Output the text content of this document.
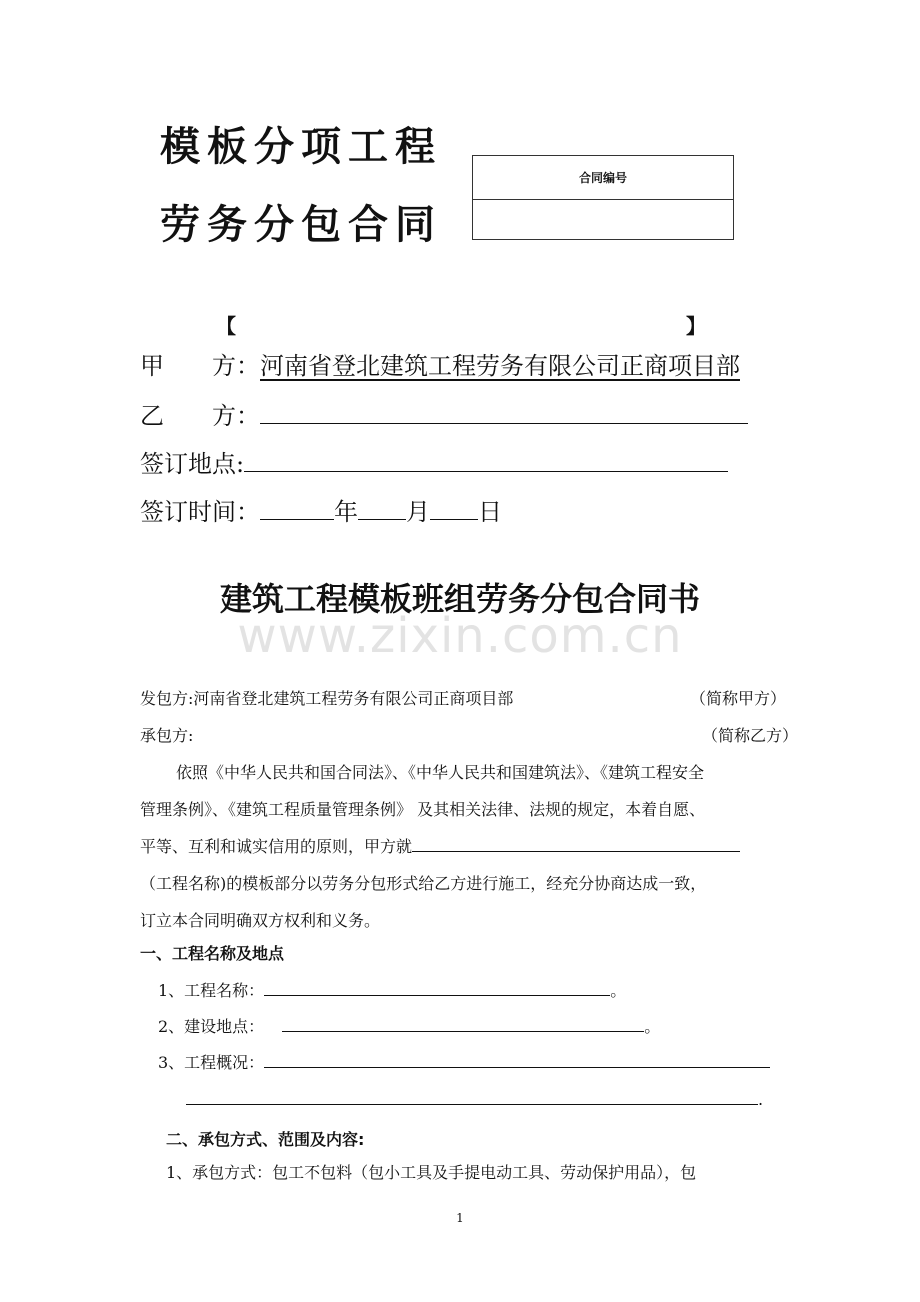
模板分项工程
劳务分包合同
合同编号
【	】
甲　　方：河南省登北建筑工程劳务有限公司正商项目部
乙　　方：
签订地点:
签订时间：	年 月 日
建筑工程模板班组劳务分包合同书
www.zixin.com.cn
发包方:河南省登北建筑工程劳务有限公司正商项目部	（简称甲方）
承包方:	（简称乙方）
依照《中华人民共和国合同法》、《中华人民共和国建筑法》、《建筑工程安全
管理条例》、《建筑工程质量管理条例》 及其相关法律、法规的规定，本着自愿、
平等、互利和诚实信用的原则，甲方就
（工程名称)的模板部分以劳务分包形式给乙方进行施工，经充分协商达成一致，
订立本合同明确双方权利和义务。
一、工程名称及地点
1、工程名称：	。
2、建设地点：	。
3、工程概况：
.
二、承包方式、范围及内容:
1、承包方式：包工不包料（包小工具及手提电动工具、劳动保护用品），包
1
